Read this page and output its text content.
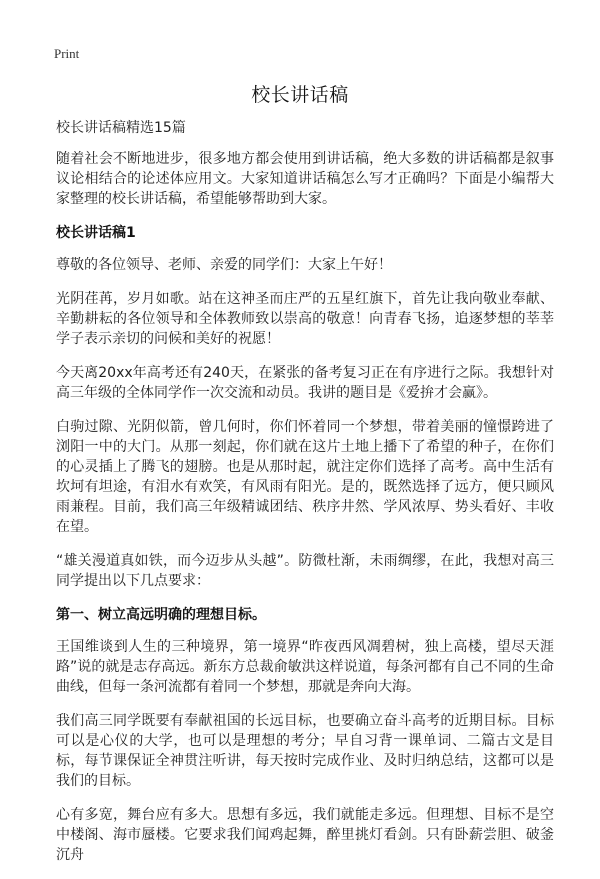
Print
校长讲话稿

校长讲话稿精选15篇

随着社会不断地进步，很多地方都会使用到讲话稿，绝大多数的讲话稿都是叙事议论相结合的论述体应用文。大家知道讲话稿怎么写才正确吗？下面是小编帮大家整理的校长讲话稿，希望能够帮助到大家。

校长讲话稿1

尊敬的各位领导、老师、亲爱的同学们：大家上午好！

光阴荏苒，岁月如歌。站在这神圣而庄严的五星红旗下，首先让我向敬业奉献、辛勤耕耘的各位领导和全体教师致以崇高的敬意！向青春飞扬，追逐梦想的莘莘学子表示亲切的问候和美好的祝愿！

今天离20xx年高考还有240天，在紧张的备考复习正在有序进行之际。我想针对高三年级的全体同学作一次交流和动员。我讲的题目是《爱拚才会赢》。

白驹过隙、光阴似箭，曾几何时，你们怀着同一个梦想，带着美丽的憧憬跨进了浏阳一中的大门。从那一刻起，你们就在这片土地上播下了希望的种子，在你们的心灵插上了腾飞的翅膀。也是从那时起，就注定你们选择了高考。高中生活有坎坷有坦途，有泪水有欢笑，有风雨有阳光。是的，既然选择了远方，便只顾风雨兼程。目前，我们高三年级精诚团结、秩序井然、学风浓厚、势头看好、丰收在望。

“雄关漫道真如铁，而今迈步从头越”。防微杜渐，未雨绸缪，在此，我想对高三同学提出以下几点要求：

第一、树立高远明确的理想目标。

王国维谈到人生的三种境界，第一境界“昨夜西风凋碧树，独上高楼，望尽天涯路”说的就是志存高远。新东方总裁俞敏洪这样说道，每条河都有自己不同的生命曲线，但每一条河流都有着同一个梦想，那就是奔向大海。

我们高三同学既要有奉献祖国的长远目标，也要确立奋斗高考的近期目标。目标可以是心仪的大学，也可以是理想的考分；早自习背一课单词、二篇古文是目标，每节课保证全神贯注听讲，每天按时完成作业、及时归纳总结，这都可以是我们的目标。

心有多宽，舞台应有多大。思想有多远，我们就能走多远。但理想、目标不是空中楼阁、海市蜃楼。它要求我们闻鸡起舞，醉里挑灯看剑。只有卧薪尝胆、破釜沉舟
